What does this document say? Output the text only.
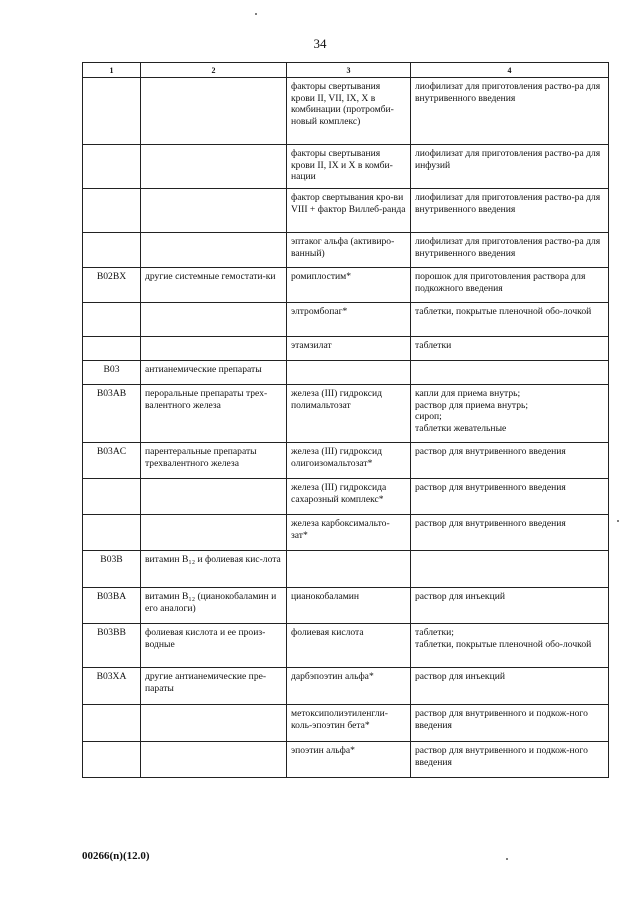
34
1	2	3	4
		факторы свертывания крови II, VII, IX, X в комбинации (протромби-новый комплекс)	лиофилизат для приготовления раство-ра для внутривенного введения
		факторы свертывания крови II, IX и X в комби-нации	лиофилизат для приготовления раство-ра для инфузий
		фактор свертывания кро-ви VIII + фактор Виллеб-ранда	лиофилизат для приготовления раство-ра для внутривенного введения
		эптаког альфа (активиро-ванный)	лиофилизат для приготовления раство-ра для внутривенного введения
B02BX	другие системные гемостати-ки	ромиплостим*	порошок для приготовления раствора для подкожного введения
		элтромбопаг*	таблетки, покрытые пленочной обо-лочкой
		этамзилат	таблетки
B03	антианемические препараты		
B03AB	пероральные препараты трех-валентного железа	железа (III) гидроксид полимальтозат	капли для приема внутрь;
раствор для приема внутрь;
сироп;
таблетки жевательные
B03AC	парентеральные препараты трехвалентного железа	железа (III) гидроксид олигоизомальтозат*	раствор для внутривенного введения
		железа (III) гидроксида сахарозный комплекс*	раствор для внутривенного введения
		железа карбоксимальто-зат*	раствор для внутривенного введения
B03B	витамин B₁₂ и фолиевая кис-лота		
B03BA	витамин B₁₂ (цианокобаламин и его аналоги)	цианокобаламин	раствор для инъекций
B03BB	фолиевая кислота и ее произ-водные	фолиевая кислота	таблетки;
таблетки, покрытые пленочной обо-лочкой
B03XA	другие антианемические пре-параты	дарбэпоэтин альфа*	раствор для инъекций
		метоксиполиэтиленгли-коль-эпоэтин бета*	раствор для внутривенного и подкож-ного введения
		эпоэтин альфа*	раствор для внутривенного и подкож-ного введения
00266(n)(12.0)
